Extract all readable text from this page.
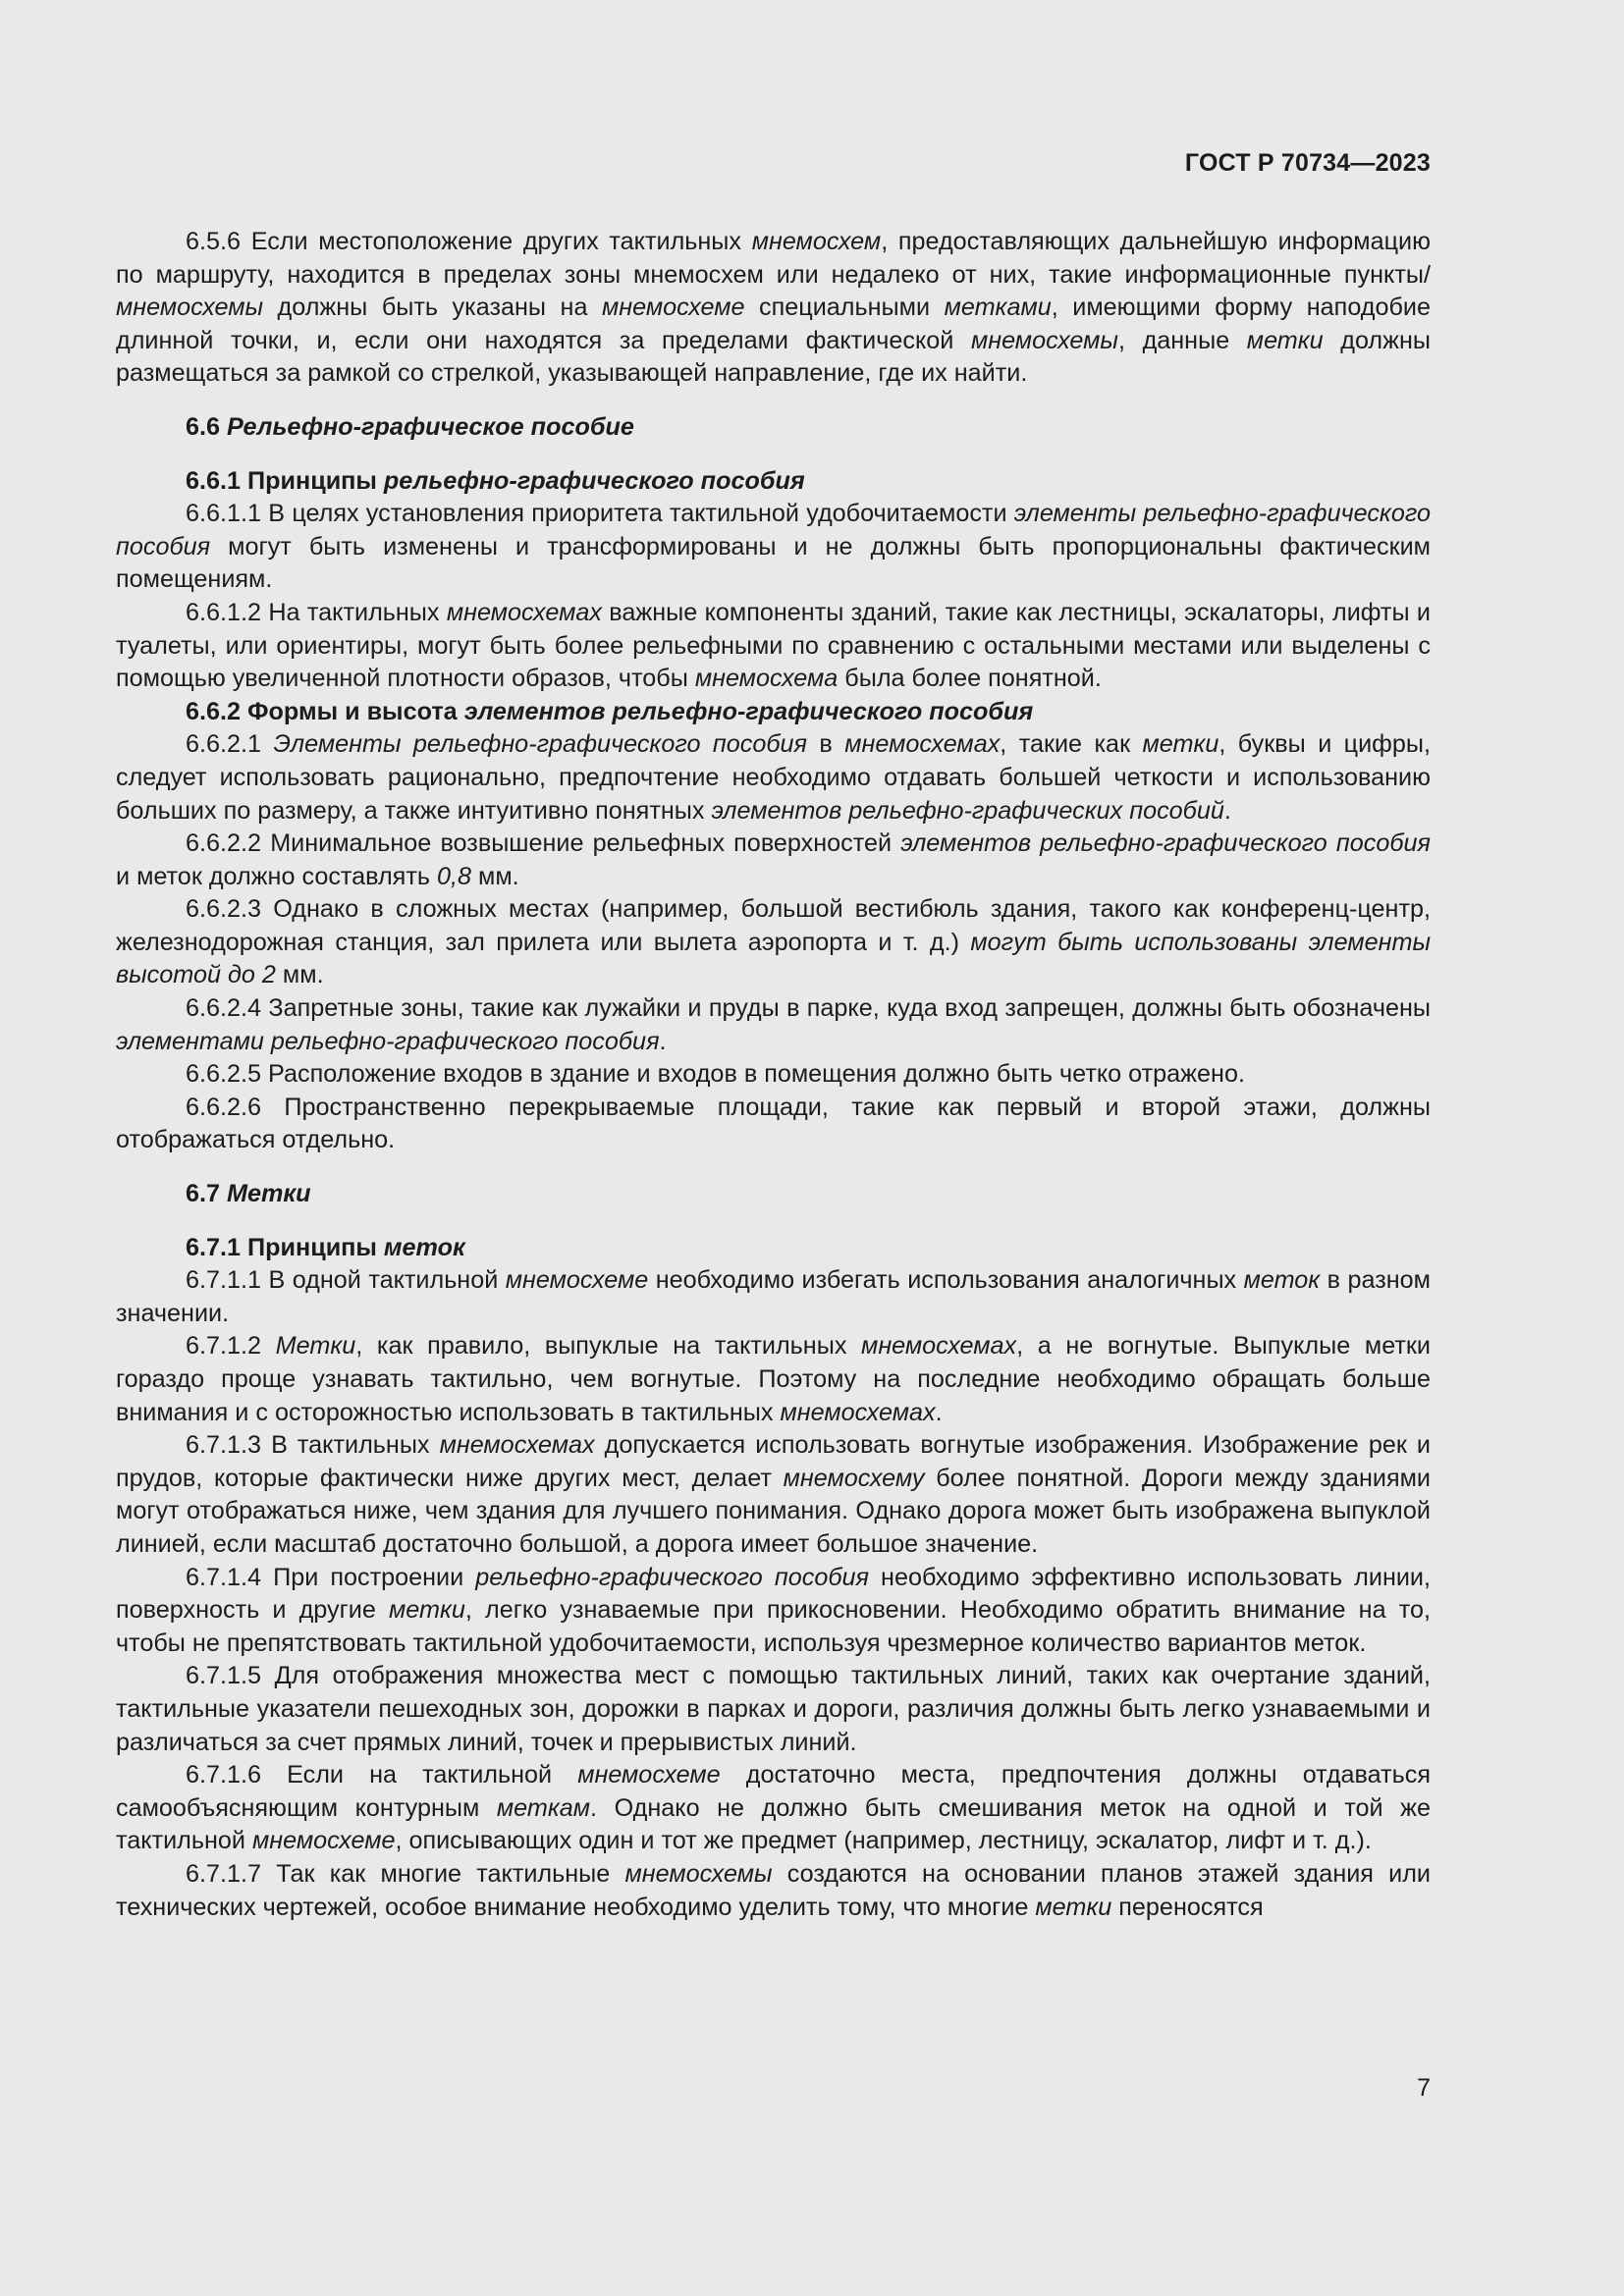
ГОСТ Р 70734—2023
6.5.6 Если местоположение других тактильных мнемосхем, предоставляющих дальнейшую информацию по маршруту, находится в пределах зоны мнемосхем или недалеко от них, такие информационные пункты/мнемосхемы должны быть указаны на мнемосхеме специальными метками, имеющими форму наподобие длинной точки, и, если они находятся за пределами фактической мнемосхемы, данные метки должны размещаться за рамкой со стрелкой, указывающей направление, где их найти.
6.6 Рельефно-графическое пособие
6.6.1 Принципы рельефно-графического пособия
6.6.1.1 В целях установления приоритета тактильной удобочитаемости элементы рельефно-графического пособия могут быть изменены и трансформированы и не должны быть пропорциональны фактическим помещениям.
6.6.1.2 На тактильных мнемосхемах важные компоненты зданий, такие как лестницы, эскалаторы, лифты и туалеты, или ориентиры, могут быть более рельефными по сравнению с остальными местами или выделены с помощью увеличенной плотности образов, чтобы мнемосхема была более понятной.
6.6.2 Формы и высота элементов рельефно-графического пособия
6.6.2.1 Элементы рельефно-графического пособия в мнемосхемах, такие как метки, буквы и цифры, следует использовать рационально, предпочтение необходимо отдавать большей четкости и использованию больших по размеру, а также интуитивно понятных элементов рельефно-графических пособий.
6.6.2.2 Минимальное возвышение рельефных поверхностей элементов рельефно-графического пособия и меток должно составлять 0,8 мм.
6.6.2.3 Однако в сложных местах (например, большой вестибюль здания, такого как конференц-центр, железнодорожная станция, зал прилета или вылета аэропорта и т. д.) могут быть использованы элементы высотой до 2 мм.
6.6.2.4 Запретные зоны, такие как лужайки и пруды в парке, куда вход запрещен, должны быть обозначены элементами рельефно-графического пособия.
6.6.2.5 Расположение входов в здание и входов в помещения должно быть четко отражено.
6.6.2.6 Пространственно перекрываемые площади, такие как первый и второй этажи, должны отображаться отдельно.
6.7 Метки
6.7.1 Принципы меток
6.7.1.1 В одной тактильной мнемосхеме необходимо избегать использования аналогичных меток в разном значении.
6.7.1.2 Метки, как правило, выпуклые на тактильных мнемосхемах, а не вогнутые. Выпуклые метки гораздо проще узнавать тактильно, чем вогнутые. Поэтому на последние необходимо обращать больше внимания и с осторожностью использовать в тактильных мнемосхемах.
6.7.1.3 В тактильных мнемосхемах допускается использовать вогнутые изображения. Изображение рек и прудов, которые фактически ниже других мест, делает мнемосхему более понятной. Дороги между зданиями могут отображаться ниже, чем здания для лучшего понимания. Однако дорога может быть изображена выпуклой линией, если масштаб достаточно большой, а дорога имеет большое значение.
6.7.1.4 При построении рельефно-графического пособия необходимо эффективно использовать линии, поверхность и другие метки, легко узнаваемые при прикосновении. Необходимо обратить внимание на то, чтобы не препятствовать тактильной удобочитаемости, используя чрезмерное количество вариантов меток.
6.7.1.5 Для отображения множества мест с помощью тактильных линий, таких как очертание зданий, тактильные указатели пешеходных зон, дорожки в парках и дороги, различия должны быть легко узнаваемыми и различаться за счет прямых линий, точек и прерывистых линий.
6.7.1.6 Если на тактильной мнемосхеме достаточно места, предпочтения должны отдаваться самообъясняющим контурным меткам. Однако не должно быть смешивания меток на одной и той же тактильной мнемосхеме, описывающих один и тот же предмет (например, лестницу, эскалатор, лифт и т. д.).
6.7.1.7 Так как многие тактильные мнемосхемы создаются на основании планов этажей здания или технических чертежей, особое внимание необходимо уделить тому, что многие метки переносятся
7
